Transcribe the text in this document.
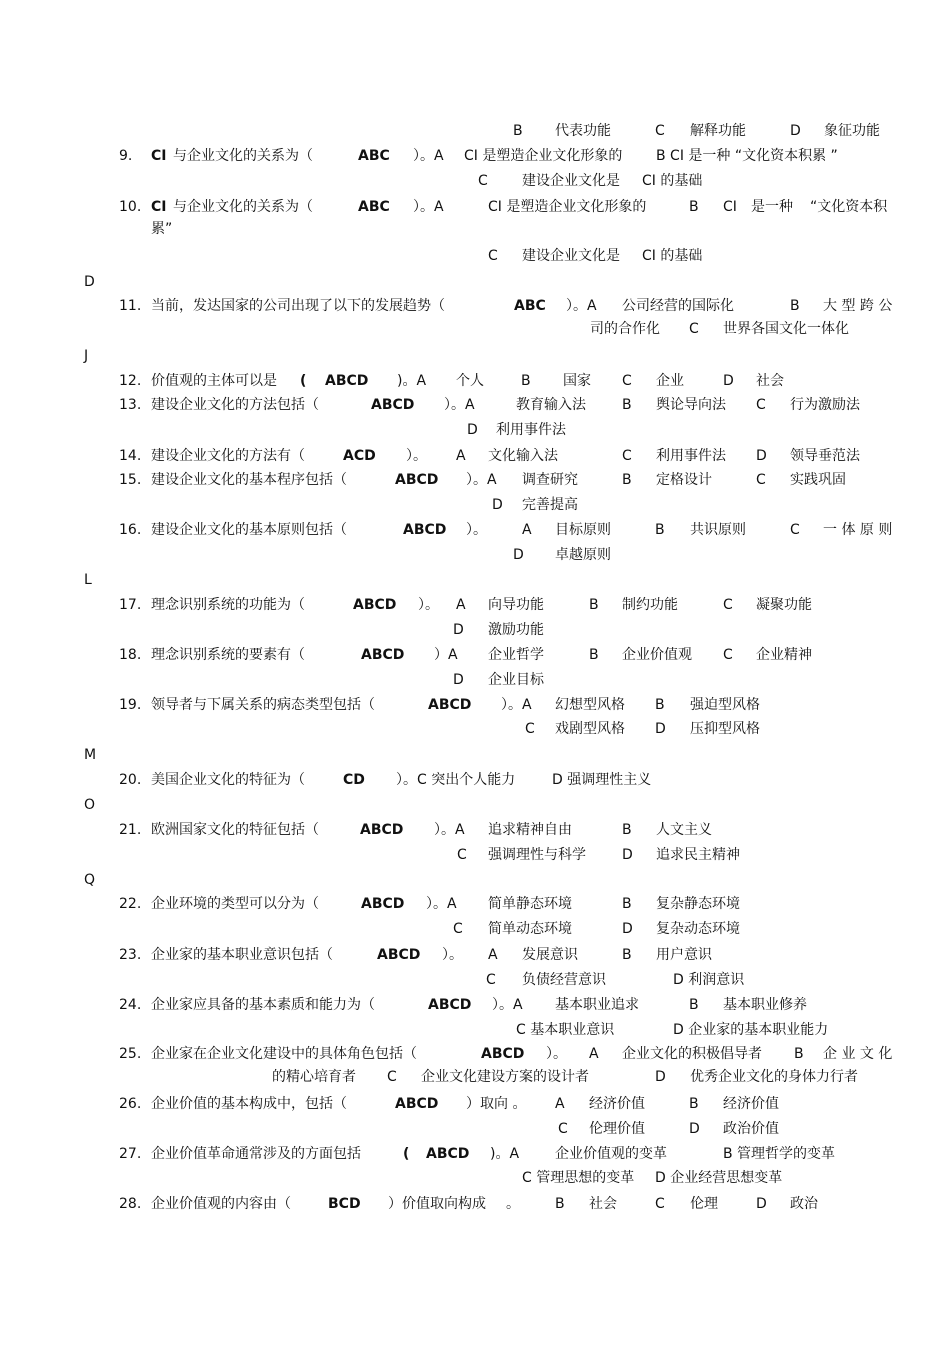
B 代表功能	C 解释功能	D 象征功能
9. CI 与企业文化的关系为（	ABC ）。A CI 是塑造企业文化形象的 B CI 是一种 “文化资本积累 ”
C 建设企业文化是 CI 的基础
10. CI 与企业文化的关系为（	ABC ）。A	CI 是塑造企业文化形象的	B CI 是一种 “文化资本积
累”
C 建设企业文化是 CI 的基础
D
11. 当前，发达国家的公司出现了以下的发展趋势（	ABC ）。A 公司经营的国际化	B 大 型 跨 公
司的合作化 C 世界各国文化一体化
J
12. 价值观的主体可以是 ( ABCD )。A 个人	B 国家 C 企业	D 社会
13. 建设企业文化的方法包括（	ABCD ）。A	教育输入法	B 舆论导向法 C 行为激励法
D 利用事件法
14. 建设企业文化的方法有（	ACD ）。 A 文化输入法	C 利用事件法 D 领导垂范法
15. 建设企业文化的基本程序包括（	ABCD ）。A 调查研究	B 定格设计	C 实践巩固
D 完善提高
16. 建设企业文化的基本原则包括（	ABCD ）。	A 目标原则	B 共识原则	C 一 体 原 则
D 卓越原则
L
17. 理念识别系统的功能为（	ABCD ）。 A 向导功能	B 制约功能	C 凝聚功能
D 激励功能
18. 理念识别系统的要素有（	ABCD ）A 企业哲学	B 企业价值观 C 企业精神
D 企业目标
19. 领导者与下属关系的病态类型包括（	ABCD ）。A 幻想型风格 B 强迫型风格
C 戏剧型风格 D 压抑型风格
M
20. 美国企业文化的特征为（	CD ）。C 突出个人能力	D 强调理性主义
O
21. 欧洲国家文化的特征包括（	ABCD ）。A 追求精神自由	B 人文主义
C 强调理性与科学	D 追求民主精神
Q
22. 企业环境的类型可以分为（	ABCD ）。A 简单静态环境	B 复杂静态环境
C 简单动态环境	D 复杂动态环境
23. 企业家的基本职业意识包括（	ABCD ）。 A 发展意识	B 用户意识
C 负债经营意识	D 利润意识
24. 企业家应具备的基本素质和能力为（	ABCD ）。A 基本职业追求	B 基本职业修养
C 基本职业意识	D 企业家的基本职业能力
25. 企业家在企业文化建设中的具体角色包括（	ABCD ）。 A 企业文化的积极倡导者 B 企 业 文 化
的精心培育者 C 企业文化建设方案的设计者	D 优秀企业文化的身体力行者
26. 企业价值的基本构成中，包括（	ABCD ）取向 。 A 经济价值	B 经济价值
C 伦理价值	D 政治价值
27. 企业价值革命通常涉及的方面包括	( ABCD )。A	企业价值观的变革	B 管理哲学的变革
C 管理思想的变革 D 企业经营思想变革
28. 企业价值观的内容由（	BCD ）价值取向构成 。	B 社会	C 伦理	D 政治
